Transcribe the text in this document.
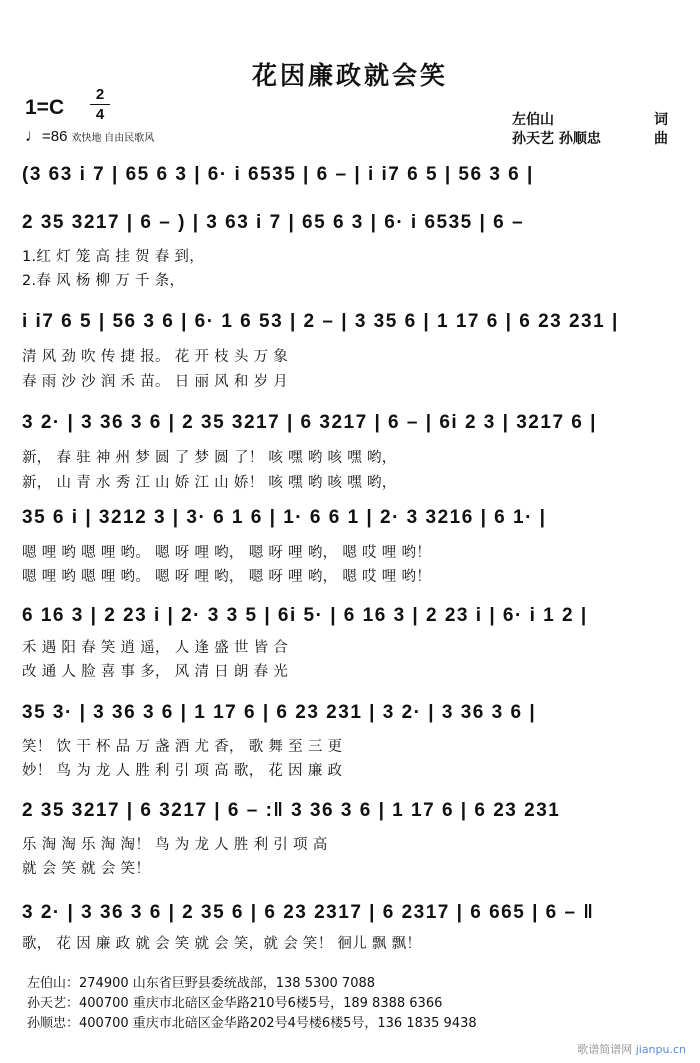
花因廉政就会笑
1=C
2
4
♩=86 欢快地 自由民歌风
左伯山	词
孙天艺 孙顺忠	曲
(3 63 i 7 | 65 6 3 | 6· i 6535 | 6 – | i i7 6 5 | 56 3 6 |
2 35 3217 | 6 – ) | 3 63 i 7 | 65 6 3 | 6· i 6535 | 6 –
1.红 灯 笼 高 挂 贺 春 到，
2.春 风 杨 柳 万 千 条，
i i7 6 5 | 56 3 6 | 6· 1 6 53 | 2 – | 3 35 6 | 1 17 6 | 6 23 231 |
清 风 劲 吹 传 捷 报。 花 开 枝 头 万 象
春 雨 沙 沙 润 禾 苗。 日 丽 风 和 岁 月
3 2· | 3 36 3 6 | 2 35 3217 | 6 3217 | 6 – | 6i 2 3 | 3217 6 |
新， 春 驻 神 州 梦 圆 了 梦 圆 了！ 咳 嘿 哟 咳 嘿 哟，
新， 山 青 水 秀 江 山 娇 江 山 娇！ 咳 嘿 哟 咳 嘿 哟，
35 6 i | 3212 3 | 3· 6 1 6 | 1· 6 6 1 | 2· 3 3216 | 6 1· |
嗯 哩 哟 嗯 哩 哟。 嗯 呀 哩 哟， 嗯 呀 哩 哟， 嗯 哎 哩 哟！
嗯 哩 哟 嗯 哩 哟。 嗯 呀 哩 哟， 嗯 呀 哩 哟， 嗯 哎 哩 哟！
6 16 3 | 2 23 i | 2· 3 3 5 | 6i 5· | 6 16 3 | 2 23 i | 6· i 1 2 |
禾 遇 阳 春 笑 逍 遥， 人 逢 盛 世 皆 合
改 通 人 脸 喜 事 多， 风 清 日 朗 春 光
35 3· | 3 36 3 6 | 1 17 6 | 6 23 231 | 3 2· | 3 36 3 6 |
笑！ 饮 干 杯 品 万 盏 酒 尤 香， 歌 舞 至 三 更
妙！ 鸟 为 龙 人 胜 利 引 项 高 歌， 花 因 廉 政
2 35 3217 | 6 3217 | 6 – :‖ 3 36 3 6 | 1 17 6 | 6 23 231
乐 淘 淘 乐 淘 淘！ 鸟 为 龙 人 胜 利 引 项 高
就 会 笑 就 会 笑！
3 2· | 3 36 3 6 | 2 35 6 | 6 23 2317 | 6 2317 | 6 665 | 6 – ‖
歌， 花 因 廉 政 就 会 笑 就 会 笑，就 会 笑！ 徊儿 飘 飘！
左伯山：274900 山东省巨野县委统战部，138 5300 7088
孙天艺：400700 重庆市北碚区金华路210号6楼5号，189 8388 6366
孙顺忠：400700 重庆市北碚区金华路202号4号楼6楼5号，136 1835 9438
歌谱简谱网 jianpu.cn
